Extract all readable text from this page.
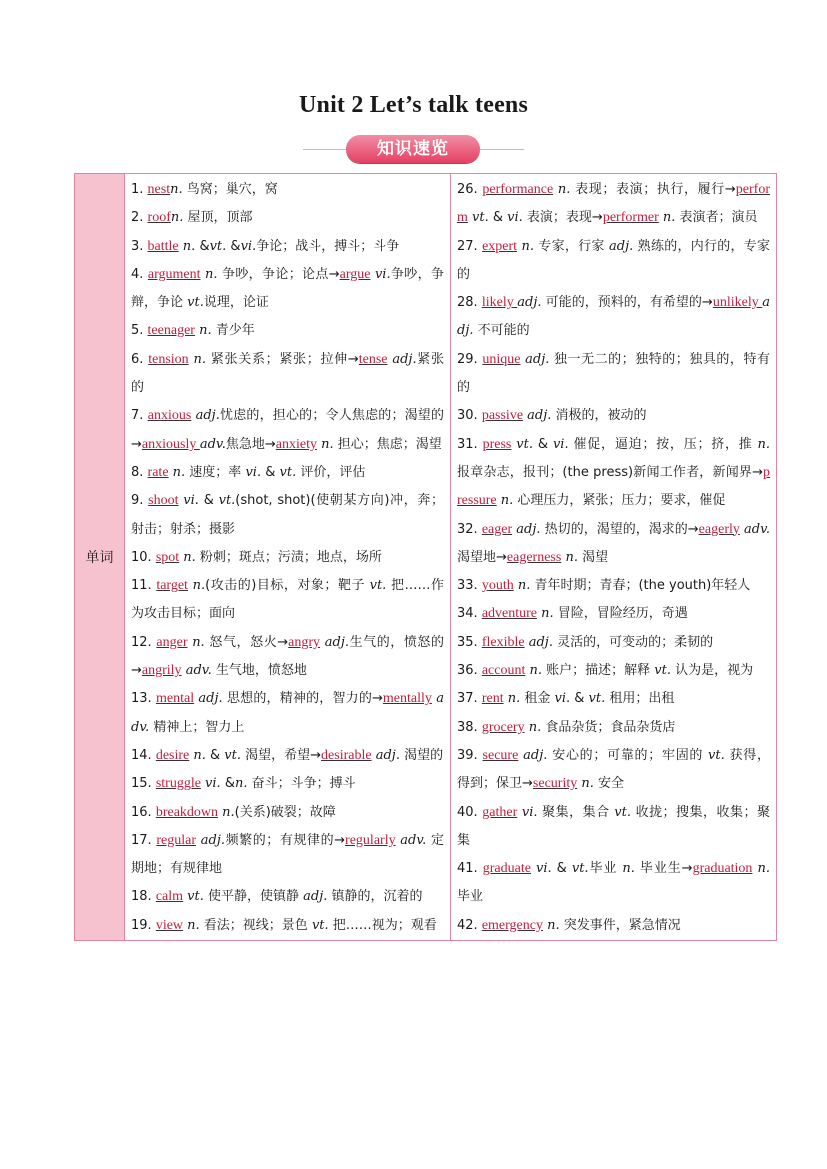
Unit 2 Let’s talk teens
知识速览
单词	
1. nestn. 鸟窝；巢穴，窝
2. roofn. 屋顶，顶部
3. battle n. &vt. &vi.争论；战斗，搏斗；斗争
4. argument n. 争吵，争论；论点→argue vi.争吵，争辩，争论 vt.说理，论证
5. teenager n. 青少年
6. tension n. 紧张关系；紧张；拉伸→tense adj.紧张的
7. anxious adj.忧虑的，担心的；令人焦虑的；渴望的→anxiously adv.焦急地→anxiety n. 担心；焦虑；渴望
8. rate n. 速度；率 vi. & vt. 评价，评估
9. shoot vi. & vt.(shot, shot)(使朝某方向)冲，奔；射击；射杀；摄影
10. spot n. 粉刺；斑点；污渍；地点，场所
11. target n.(攻击的)目标，对象；靶子 vt. 把……作为攻击目标；面向
12. anger n. 怒气，怒火→angry adj.生气的，愤怒的→angrily adv. 生气地，愤怒地
13. mental adj. 思想的，精神的，智力的→mentally adv. 精神上；智力上
14. desire n. & vt. 渴望，希望→desirable adj. 渴望的
15. struggle vi. &n. 奋斗；斗争；搏斗
16. breakdown n.(关系)破裂；故障
17. regular adj.频繁的；有规律的→regularly adv. 定期地；有规律地
18. calm vt. 使平静，使镇静 adj. 镇静的，沉着的
19. view n. 看法；视线；景色 vt. 把……视为；观看

26. performance n. 表现；表演；执行，履行→perform vt. & vi. 表演；表现→performer n. 表演者；演员
27. expert n. 专家，行家 adj. 熟练的，内行的，专家的
28. likely adj. 可能的，预料的，有希望的→unlikely adj. 不可能的
29. unique adj. 独一无二的；独特的；独具的，特有的
30. passive adj. 消极的，被动的
31. press vt. & vi. 催促，逼迫；按，压；挤，推 n. 报章杂志，报刊；(the press)新闻工作者，新闻界→pressure n. 心理压力，紧张；压力；要求，催促
32. eager adj. 热切的，渴望的，渴求的→eagerly adv. 渴望地→eagerness n. 渴望
33. youth n. 青年时期；青春；(the youth)年轻人
34. adventure n. 冒险，冒险经历，奇遇
35. flexible adj. 灵活的，可变动的；柔韧的
36. account n. 账户；描述；解释 vt. 认为是，视为
37. rent n. 租金 vi. & vt. 租用；出租
38. grocery n. 食品杂货；食品杂货店
39. secure adj. 安心的；可靠的；牢固的 vt. 获得，得到；保卫→security n. 安全
40. gather vi. 聚集，集合 vt. 收拢；搜集，收集；聚集
41. graduate vi. & vt.毕业 n. 毕业生→graduation n. 毕业
42. emergency n. 突发事件，紧急情况
